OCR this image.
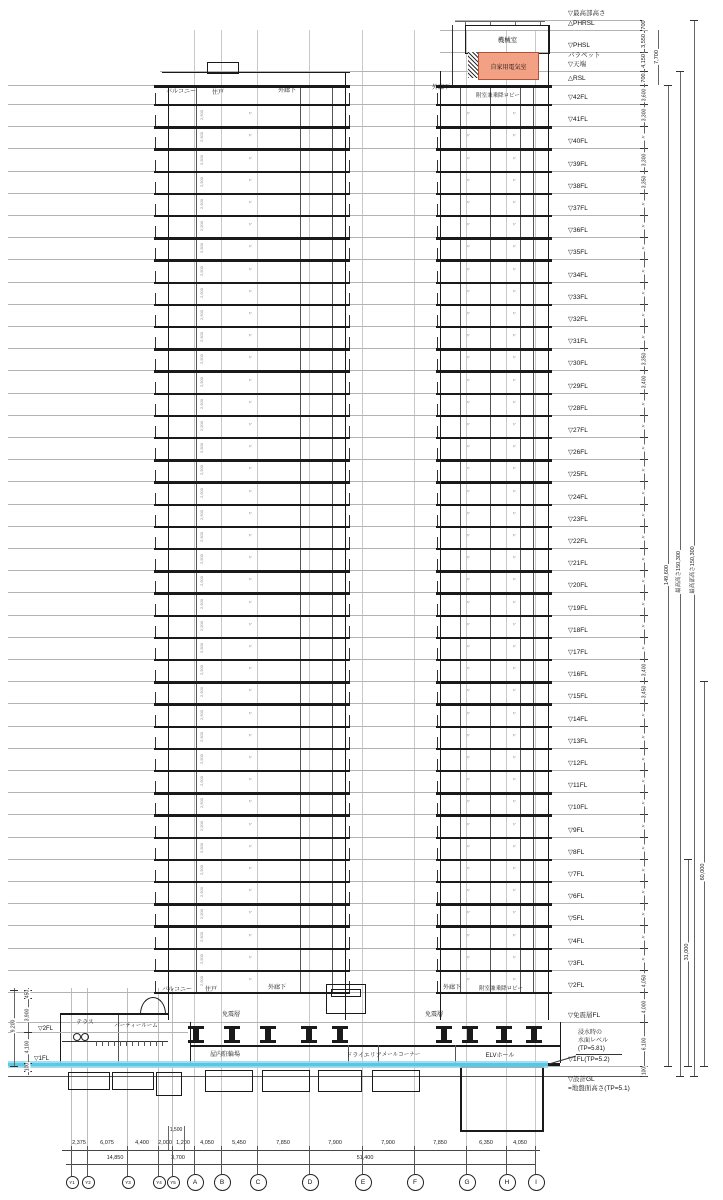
機械室
自家用電気室
▽最高部高さ
△PHRSL
▽PHSL
パラペット
▽天端
△RSL
▽42FL
▽41FL
▽40FL
▽39FL
▽38FL
▽37FL
▽36FL
▽35FL
▽34FL
▽33FL
▽32FL
▽31FL
▽30FL
▽29FL
▽28FL
▽27FL
▽26FL
▽25FL
▽24FL
▽23FL
▽22FL
▽21FL
▽20FL
▽19FL
▽18FL
▽17FL
▽16FL
▽15FL
▽14FL
▽13FL
▽12FL
▽11FL
▽10FL
▽9FL
▽8FL
▽7FL
▽6FL
▽5FL
▽4FL
▽3FL
▽2FL
▽免震層FL
▽1FL(TP=5.2)
▽設計GL
=地盤面高さ(TP=5.1)
〃
2,500
〃
2,500
〃
2,500
〃
2,500
〃
2,500
〃
2,500
〃
2,500
〃
2,500
〃
2,500
〃
2,500
〃
2,500
〃
2,500
〃
2,500
〃
2,500
〃
2,500
〃
2,500
〃
2,500
〃
2,500
〃
2,500
〃
2,500
〃
2,500
〃
2,500
〃
2,500
〃
2,500
〃
2,500
〃
2,500
〃
2,500
〃
2,500
〃
2,500
〃
2,500
〃
2,500
〃
2,500
〃
2,500
〃
2,500
〃
2,500
〃
2,500
〃
2,500
〃
2,500
〃
2,500
〃
2,500
〃	〃
〃	〃
〃	〃
〃	〃
〃	〃
〃	〃
〃	〃
〃	〃
〃	〃
〃	〃
〃	〃
〃	〃
〃	〃
〃	〃
〃	〃
〃	〃
〃	〃
〃	〃
〃	〃
〃	〃
〃	〃
〃	〃
〃	〃
〃	〃
〃	〃
〃	〃
〃	〃
〃	〃
〃	〃
〃	〃
〃	〃
〃	〃
〃	〃
〃	〃
〃	〃
〃	〃
〃	〃
〃	〃
〃	〃
〃	〃
700
3,550
4,150
700
7,700
3,600
3,300
〃
3,300
3,350
〃
〃
〃
〃
〃
〃
〃
3,350
3,400
〃
〃
〃
〃
〃
〃
〃
〃
〃
〃
〃
〃
3,400
3,450
〃
〃
〃
〃
〃
〃
〃
〃
〃
〃
〃
〃
4,050
4,000
6,100
100
149,600 最高高さ150,300 最高部高さ150,300
60,000
31,000
450
3,900
4,100
100
9,200	▽2FL
▽1FL
2,375	6,075	4,400 2,000 1,200 4,050	5,450	7,850	7,900	7,900	7,850	6,350	4,050
1,500
14,850	3,700	51,400
Y1	Y2	Y3	Y4	Y5	A	B	C	D	E	F	G	H	I
バルコニー	住戸	外廊下	外廊下
附室兼乗降ロビー
バルコニー 住戸	外廊下	外廊下	附室兼乗降ロビー
テラス	パーティールーム
免震層	免震層
屋内駐輪場	ドライエリア メールコーナー	ELVホール
浸水時の
水面レベル
(TP=5.81)
